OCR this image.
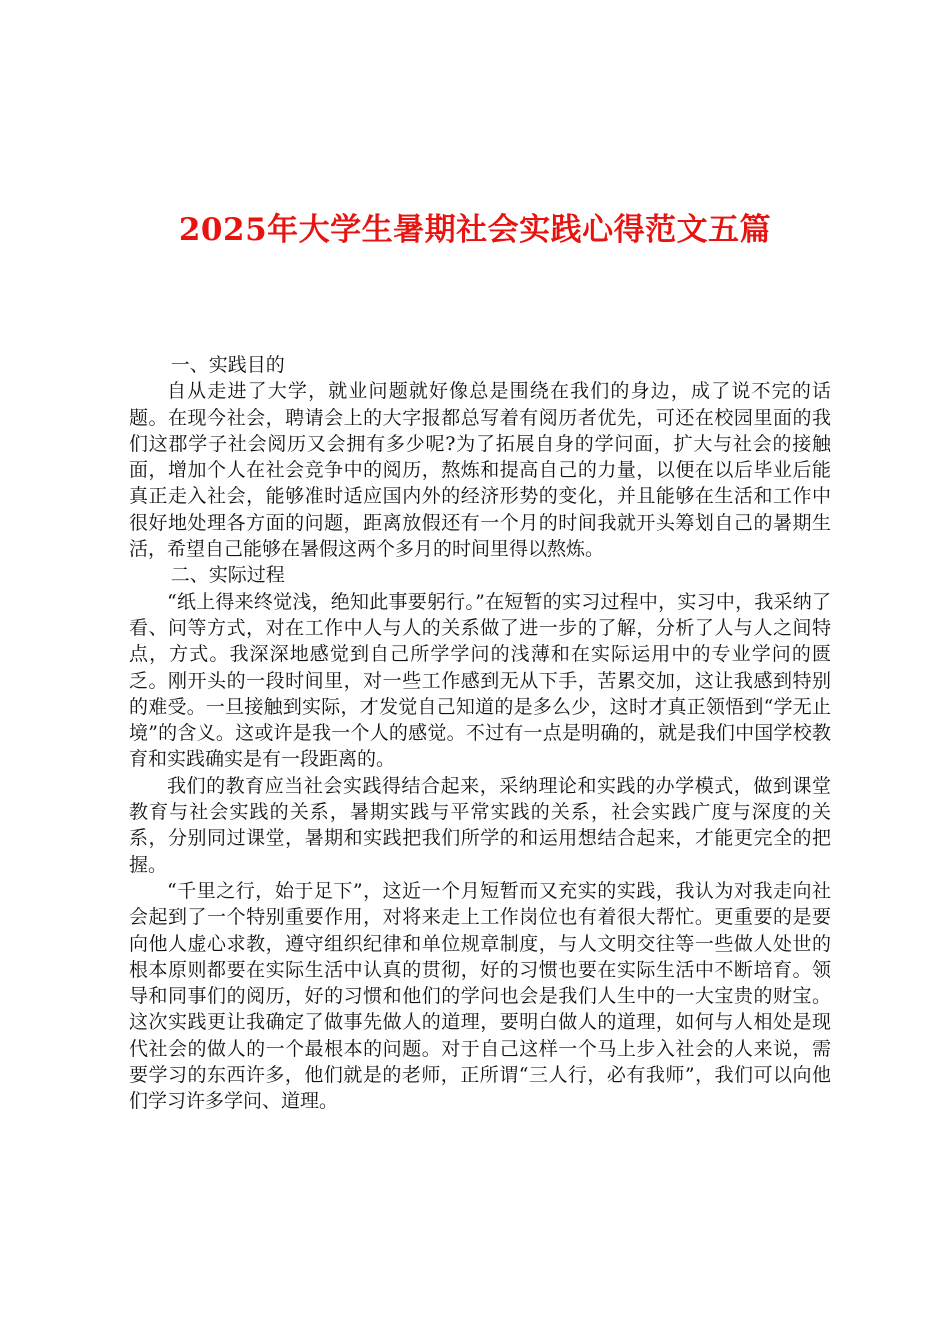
2025年大学生暑期社会实践心得范文五篇

一、实践目的

自从走进了大学，就业问题就好像总是围绕在我们的身边，成了说不完的话题。在现今社会，聘请会上的大字报都总写着有阅历者优先，可还在校园里面的我们这郡学子社会阅历又会拥有多少呢?为了拓展自身的学问面，扩大与社会的接触面，增加个人在社会竞争中的阅历，熬炼和提高自己的力量，以便在以后毕业后能真正走入社会，能够准时适应国内外的经济形势的变化，并且能够在生活和工作中很好地处理各方面的问题，距离放假还有一个月的时间我就开头筹划自己的暑期生活，希望自己能够在暑假这两个多月的时间里得以熬炼。

二、实际过程

“纸上得来终觉浅，绝知此事要躬行。”在短暂的实习过程中，实习中，我采纳了看、问等方式，对在工作中人与人的关系做了进一步的了解，分析了人与人之间特点，方式。我深深地感觉到自己所学学问的浅薄和在实际运用中的专业学问的匮乏。刚开头的一段时间里，对一些工作感到无从下手，苦累交加，这让我感到特别的难受。一旦接触到实际，才发觉自己知道的是多么少，这时才真正领悟到“学无止境”的含义。这或许是我一个人的感觉。不过有一点是明确的，就是我们中国学校教育和实践确实是有一段距离的。

我们的教育应当社会实践得结合起来，采纳理论和实践的办学模式，做到课堂教育与社会实践的关系，暑期实践与平常实践的关系，社会实践广度与深度的关系，分别同过课堂，暑期和实践把我们所学的和运用想结合起来，才能更完全的把握。

“千里之行，始于足下”，这近一个月短暂而又充实的实践，我认为对我走向社会起到了一个特别重要作用，对将来走上工作岗位也有着很大帮忙。更重要的是要向他人虚心求教，遵守组织纪律和单位规章制度，与人文明交往等一些做人处世的根本原则都要在实际生活中认真的贯彻，好的习惯也要在实际生活中不断培育。领导和同事们的阅历，好的习惯和他们的学问也会是我们人生中的一大宝贵的财宝。这次实践更让我确定了做事先做人的道理，要明白做人的道理，如何与人相处是现代社会的做人的一个最根本的问题。对于自己这样一个马上步入社会的人来说，需要学习的东西许多，他们就是的老师，正所谓“三人行，必有我师”，我们可以向他们学习许多学问、道理。
